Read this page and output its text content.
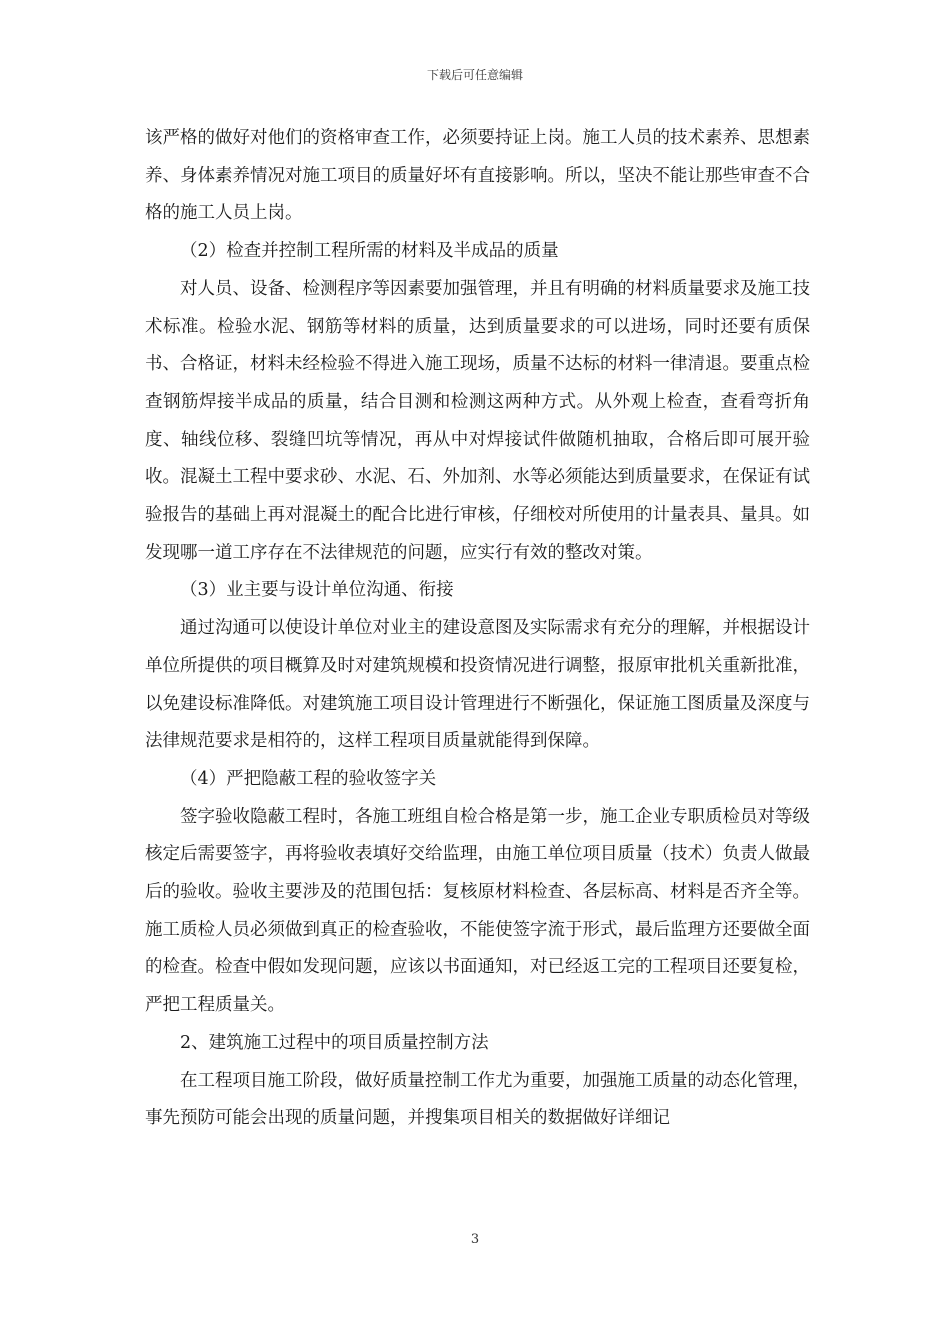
下载后可任意编辑

该严格的做好对他们的资格审查工作，必须要持证上岗。施工人员的技术素养、思想素养、身体素养情况对施工项目的质量好坏有直接影响。所以，坚决不能让那些审查不合格的施工人员上岗。

（2）检查并控制工程所需的材料及半成品的质量

对人员、设备、检测程序等因素要加强管理，并且有明确的材料质量要求及施工技术标准。检验水泥、钢筋等材料的质量，达到质量要求的可以进场，同时还要有质保书、合格证，材料未经检验不得进入施工现场，质量不达标的材料一律清退。要重点检查钢筋焊接半成品的质量，结合目测和检测这两种方式。从外观上检查，查看弯折角度、轴线位移、裂缝凹坑等情况，再从中对焊接试件做随机抽取，合格后即可展开验收。混凝土工程中要求砂、水泥、石、外加剂、水等必须能达到质量要求，在保证有试验报告的基础上再对混凝土的配合比进行审核，仔细校对所使用的计量表具、量具。如发现哪一道工序存在不法律规范的问题，应实行有效的整改对策。

（3）业主要与设计单位沟通、衔接

通过沟通可以使设计单位对业主的建设意图及实际需求有充分的理解，并根据设计单位所提供的项目概算及时对建筑规模和投资情况进行调整，报原审批机关重新批准，以免建设标准降低。对建筑施工项目设计管理进行不断强化，保证施工图质量及深度与法律规范要求是相符的，这样工程项目质量就能得到保障。

（4）严把隐蔽工程的验收签字关

签字验收隐蔽工程时，各施工班组自检合格是第一步，施工企业专职质检员对等级核定后需要签字，再将验收表填好交给监理，由施工单位项目质量（技术）负责人做最后的验收。验收主要涉及的范围包括：复核原材料检查、各层标高、材料是否齐全等。施工质检人员必须做到真正的检查验收，不能使签字流于形式，最后监理方还要做全面的检查。检查中假如发现问题，应该以书面通知，对已经返工完的工程项目还要复检，严把工程质量关。

2、建筑施工过程中的项目质量控制方法

在工程项目施工阶段，做好质量控制工作尤为重要，加强施工质量的动态化管理，事先预防可能会出现的质量问题，并搜集项目相关的数据做好详细记

3
